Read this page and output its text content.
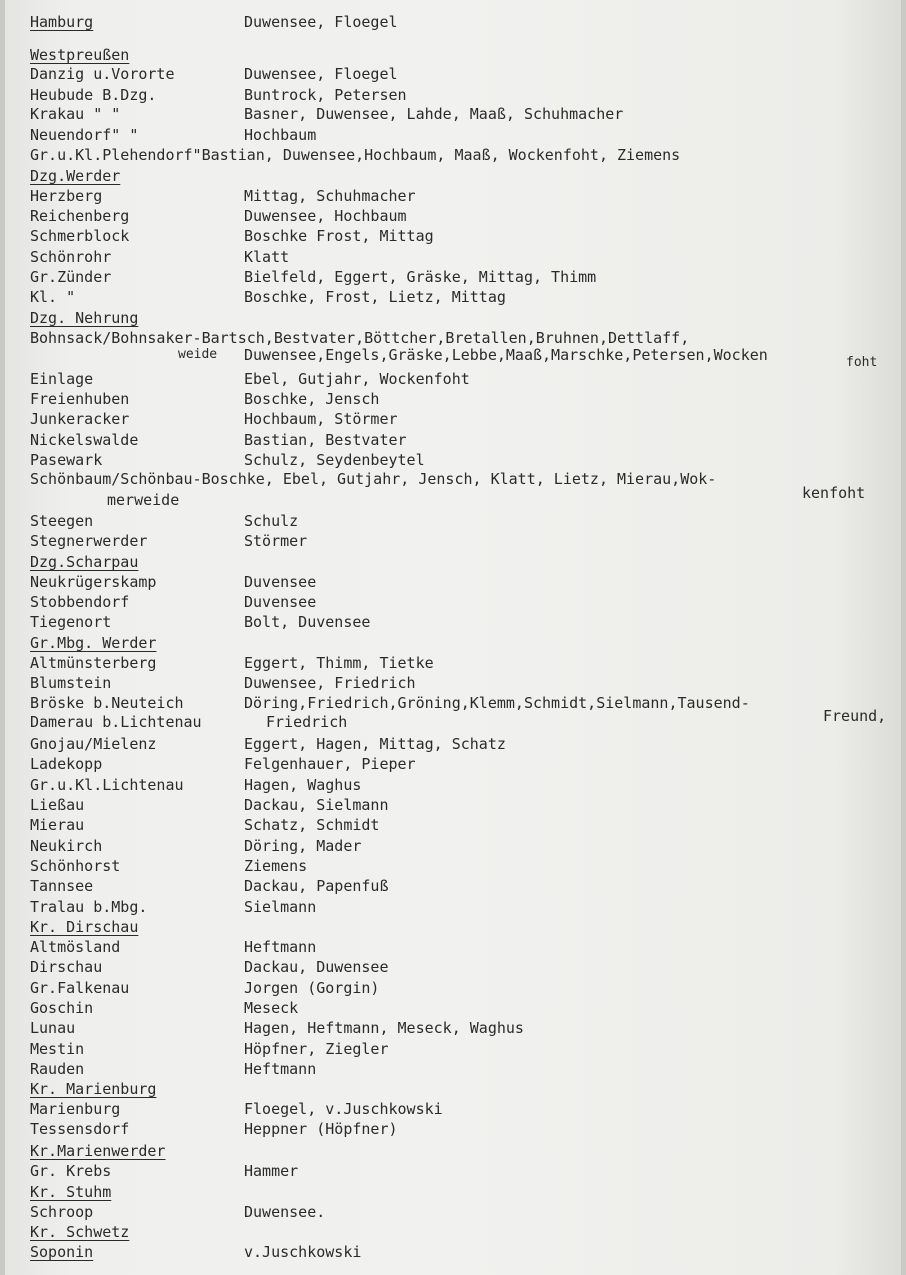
Hamburg	Duwensee, Floegel
Westpreußen
Danzig u.Vororte	Duwensee, Floegel
Heubude B.Dzg.	Buntrock, Petersen
Krakau " "	Basner, Duwensee, Lahde, Maaß, Schuhmacher
Neuendorf" "	Hochbaum
Gr.u.Kl.Plehendorf"Bastian, Duwensee,Hochbaum, Maaß, Wockenfoht, Ziemens
Dzg.Werder
Herzberg	Mittag, Schuhmacher
Reichenberg	Duwensee, Hochbaum
Schmerblock	Boschke Frost, Mittag
Schönrohr	Klatt
Gr.Zünder	Bielfeld, Eggert, Gräske, Mittag, Thimm
Kl. "	Boschke, Frost, Lietz, Mittag
Dzg. Nehrung
Bohnsack/Bohnsaker-Bartsch,Bestvater,Böttcher,Bretallen,Bruhnen,Dettlaff,
weide Duwensee,Engels,Gräske,Lebbe,Maaß,Marschke,Petersen,Wocken	foht
Einlage	Ebel, Gutjahr, Wockenfoht
Freienhuben	Boschke, Jensch
Junkeracker	Hochbaum, Störmer
Nickelswalde	Bastian, Bestvater
Pasewark	Schulz, Seydenbeytel
Schönbaum/Schönbau-Boschke, Ebel, Gutjahr, Jensch, Klatt, Lietz, Mierau,Wok-
merweide	kenfoht
Steegen	Schulz
Stegnerwerder	Störmer
Dzg.Scharpau
Neukrügerskamp	Duvensee
Stobbendorf	Duvensee
Tiegenort	Bolt, Duvensee
Gr.Mbg. Werder
Altmünsterberg	Eggert, Thimm, Tietke
Blumstein	Duwensee, Friedrich
Bröske b.Neuteich	Döring,Friedrich,Gröning,Klemm,Schmidt,Sielmann,Tausend-
Damerau b.Lichtenau	Friedrich	Freund,
Gnojau/Mielenz	Eggert, Hagen, Mittag, Schatz
Ladekopp	Felgenhauer, Pieper
Gr.u.Kl.Lichtenau	Hagen, Waghus
Ließau	Dackau, Sielmann
Mierau	Schatz, Schmidt
Neukirch	Döring, Mader
Schönhorst	Ziemens
Tannsee	Dackau, Papenfuß
Tralau b.Mbg.	Sielmann
Kr. Dirschau
Altmösland	Heftmann
Dirschau	Dackau, Duwensee
Gr.Falkenau	Jorgen (Gorgin)
Goschin	Meseck
Lunau	Hagen, Heftmann, Meseck, Waghus
Mestin	Höpfner, Ziegler
Rauden	Heftmann
Kr. Marienburg
Marienburg	Floegel, v.Juschkowski
Tessensdorf	Heppner (Höpfner)
Kr.Marienwerder
Gr. Krebs	Hammer
Kr. Stuhm
Schroop	Duwensee.
Kr. Schwetz
Soponin	v.Juschkowski
